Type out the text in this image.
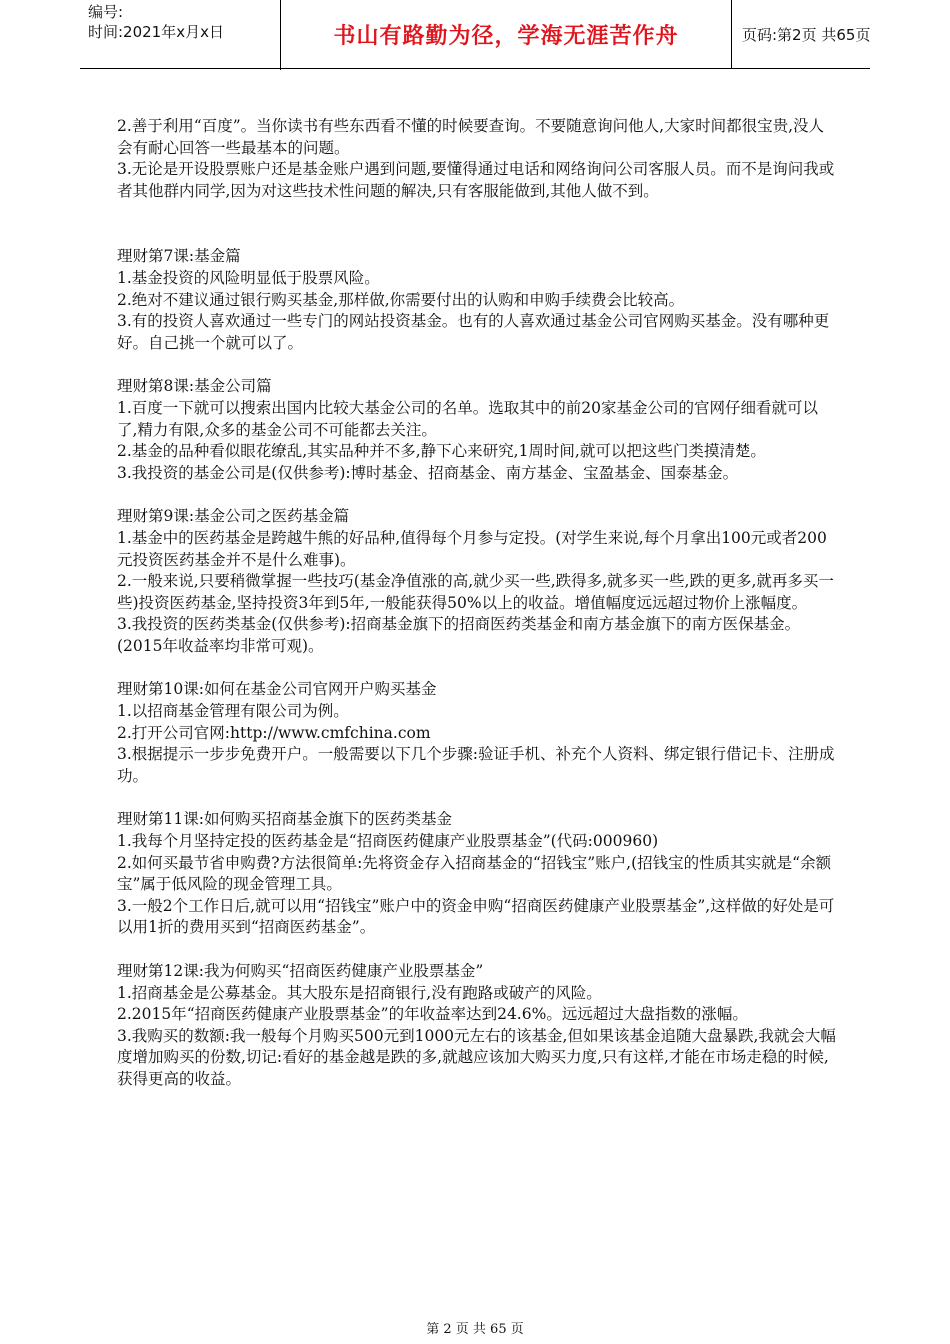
编号:
时间:2021年x月x日	书山有路勤为径，学海无涯苦作舟	页码:第2页 共65页

2.善于利用“百度”。当你读书有些东西看不懂的时候要查询。不要随意询问他人,大家时间都很宝贵,没人会有耐心回答一些最基本的问题。

3.无论是开设股票账户还是基金账户遇到问题,要懂得通过电话和网络询问公司客服人员。而不是询问我或者其他群内同学,因为对这些技术性问题的解决,只有客服能做到,其他人做不到。

理财第7课:基金篇

1.基金投资的风险明显低于股票风险。

2.绝对不建议通过银行购买基金,那样做,你需要付出的认购和申购手续费会比较高。

3.有的投资人喜欢通过一些专门的网站投资基金。也有的人喜欢通过基金公司官网购买基金。没有哪种更好。自己挑一个就可以了。

理财第8课:基金公司篇

1.百度一下就可以搜索出国内比较大基金公司的名单。选取其中的前20家基金公司的官网仔细看就可以了,精力有限,众多的基金公司不可能都去关注。

2.基金的品种看似眼花缭乱,其实品种并不多,静下心来研究,1周时间,就可以把这些门类摸清楚。

3.我投资的基金公司是(仅供参考):博时基金、招商基金、南方基金、宝盈基金、国泰基金。

理财第9课:基金公司之医药基金篇

1.基金中的医药基金是跨越牛熊的好品种,值得每个月参与定投。(对学生来说,每个月拿出100元或者200元投资医药基金并不是什么难事)。

2.一般来说,只要稍微掌握一些技巧(基金净值涨的高,就少买一些,跌得多,就多买一些,跌的更多,就再多买一些)投资医药基金,坚持投资3年到5年,一般能获得50%以上的收益。增值幅度远远超过物价上涨幅度。

3.我投资的医药类基金(仅供参考):招商基金旗下的招商医药类基金和南方基金旗下的南方医保基金。(2015年收益率均非常可观)。

理财第10课:如何在基金公司官网开户购买基金

1.以招商基金管理有限公司为例。

2.打开公司官网:http://www.cmfchina.com

3.根据提示一步步免费开户。一般需要以下几个步骤:验证手机、补充个人资料、绑定银行借记卡、注册成功。

理财第11课:如何购买招商基金旗下的医药类基金

1.我每个月坚持定投的医药基金是“招商医药健康产业股票基金”(代码:000960)

2.如何买最节省申购费?方法很简单:先将资金存入招商基金的“招钱宝”账户,(招钱宝的性质其实就是“余额宝”属于低风险的现金管理工具。

3.一般2个工作日后,就可以用“招钱宝”账户中的资金申购“招商医药健康产业股票基金”,这样做的好处是可以用1折的费用买到“招商医药基金”。

理财第12课:我为何购买“招商医药健康产业股票基金”

1.招商基金是公募基金。其大股东是招商银行,没有跑路或破产的风险。

2.2015年“招商医药健康产业股票基金”的年收益率达到24.6%。远远超过大盘指数的涨幅。

3.我购买的数额:我一般每个月购买500元到1000元左右的该基金,但如果该基金追随大盘暴跌,我就会大幅度增加购买的份数,切记:看好的基金越是跌的多,就越应该加大购买力度,只有这样,才能在市场走稳的时候,获得更高的收益。

第 2 页 共 65 页
